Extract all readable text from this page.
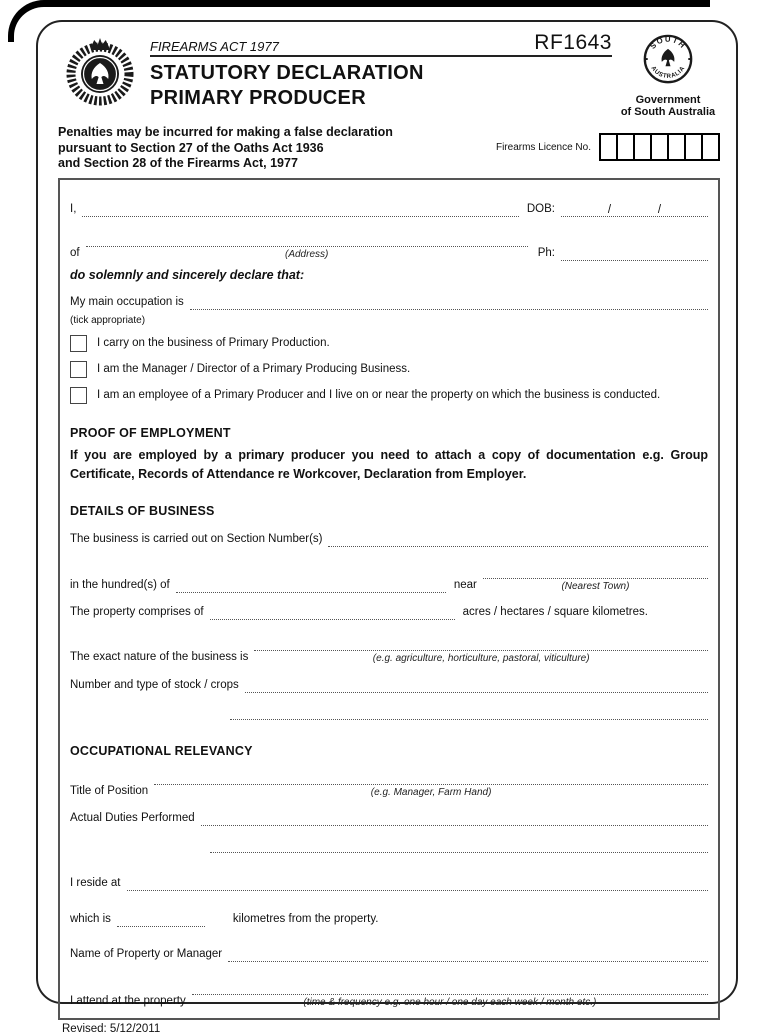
FIREARMS ACT 1977	RF1643
STATUTORY DECLARATION
PRIMARY PRODUCER
SOUTH
AUSTRALIA
Government
of South Australia
Penalties may be incurred for making a false declaration
pursuant to Section 27 of the Oaths Act 1936
and Section 28 of the Firearms Act, 1977
Firearms Licence No.
I,	DOB:	/	/
of	(Address)	Ph:
do solemnly and sincerely declare that:
My main occupation is
(tick appropriate)
I carry on the business of Primary Production.
I am the Manager / Director of a Primary Producing Business.
I am an employee of a Primary Producer and I live on or near the property on which the business is conducted.
PROOF OF EMPLOYMENT
If you are employed by a primary producer you need to attach a copy of documentation e.g. Group Certificate, Records of Attendance re Workcover, Declaration from Employer.
DETAILS OF BUSINESS
The business is carried out on Section Number(s)
in the hundred(s) of	near	(Nearest Town)
The property comprises of	acres / hectares / square kilometres.
The exact nature of the business is	(e.g. agriculture, horticulture, pastoral, viticulture)
Number and type of stock / crops
OCCUPATIONAL RELEVANCY
Title of Position	(e.g. Manager, Farm Hand)
Actual Duties Performed
I reside at
which is	kilometres from the property.
Name of Property or Manager
I attend at the property	(time & frequency e.g. one hour / one day each week / month etc.)
Revised: 5/12/2011
